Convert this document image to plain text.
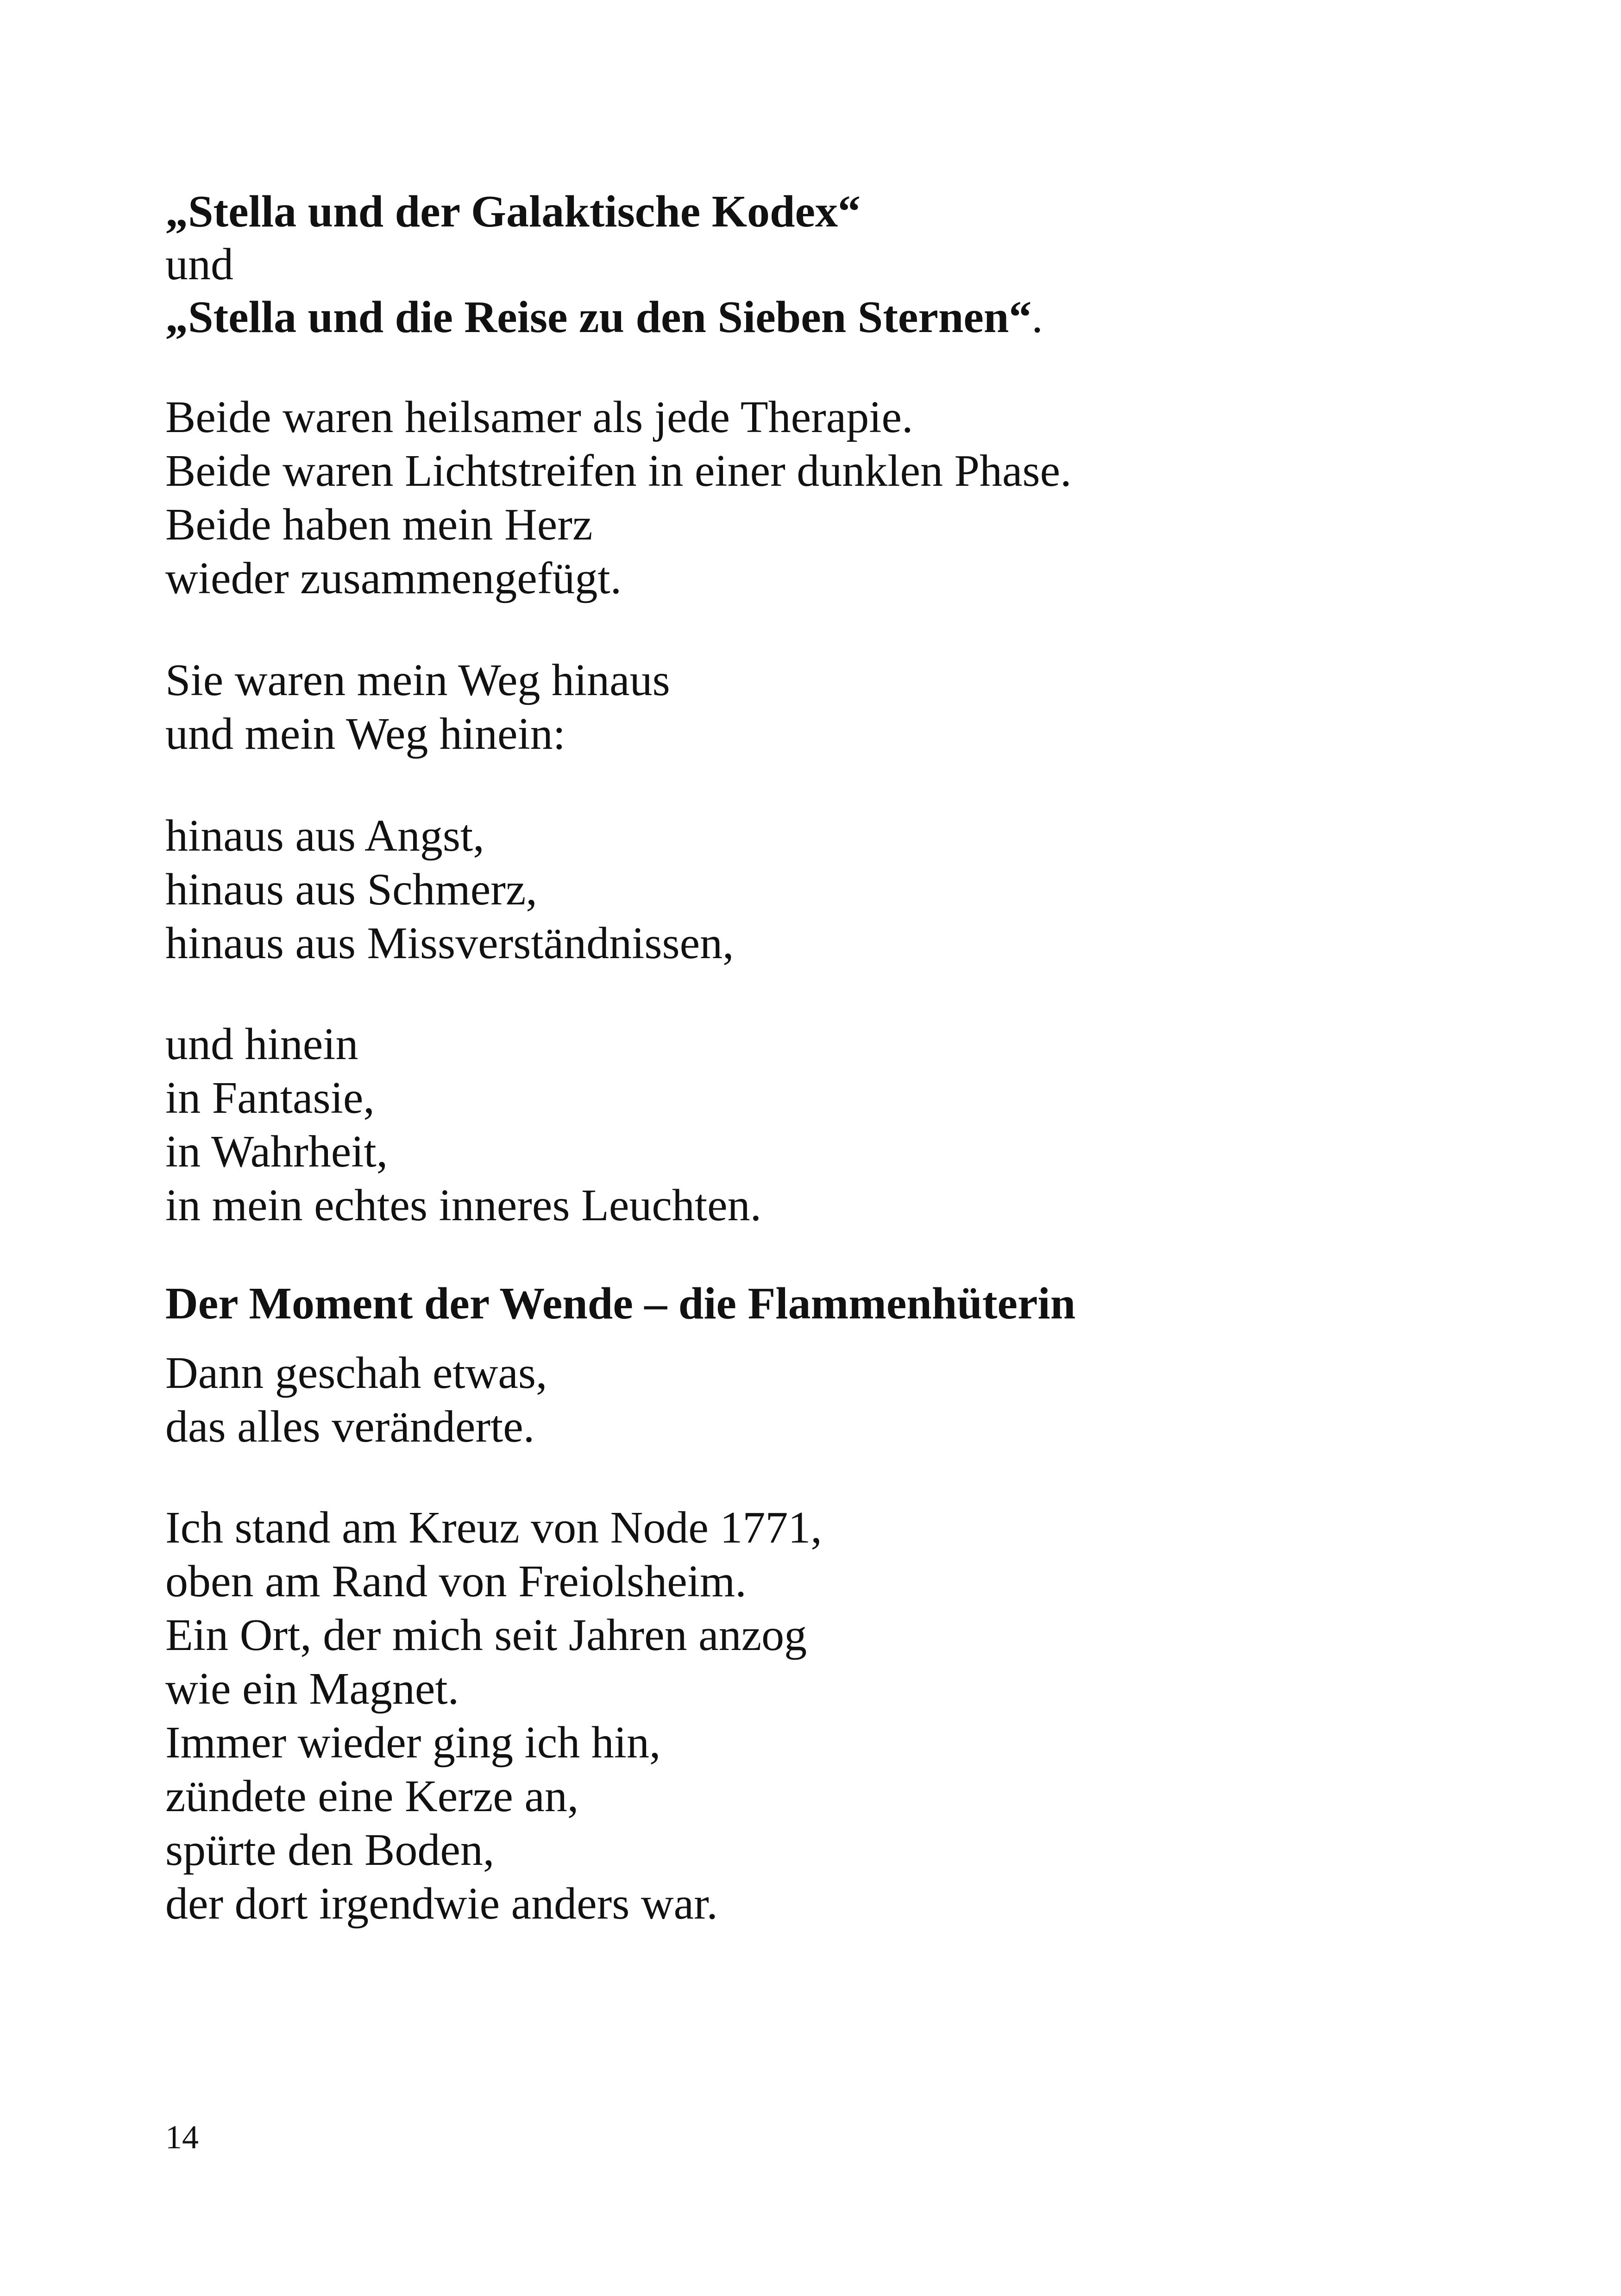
„Stella und der Galaktische Kodex“
und
„Stella und die Reise zu den Sieben Sternen“.
Beide waren heilsamer als jede Therapie.
Beide waren Lichtstreifen in einer dunklen Phase.
Beide haben mein Herz
wieder zusammengefügt.
Sie waren mein Weg hinaus
und mein Weg hinein:
hinaus aus Angst,
hinaus aus Schmerz,
hinaus aus Missverständnissen,
und hinein
in Fantasie,
in Wahrheit,
in mein echtes inneres Leuchten.
Der Moment der Wende – die Flammenhüterin
Dann geschah etwas,
das alles veränderte.
Ich stand am Kreuz von Node 1771,
oben am Rand von Freiolsheim.
Ein Ort, der mich seit Jahren anzog
wie ein Magnet.
Immer wieder ging ich hin,
zündete eine Kerze an,
spürte den Boden,
der dort irgendwie anders war.
14
